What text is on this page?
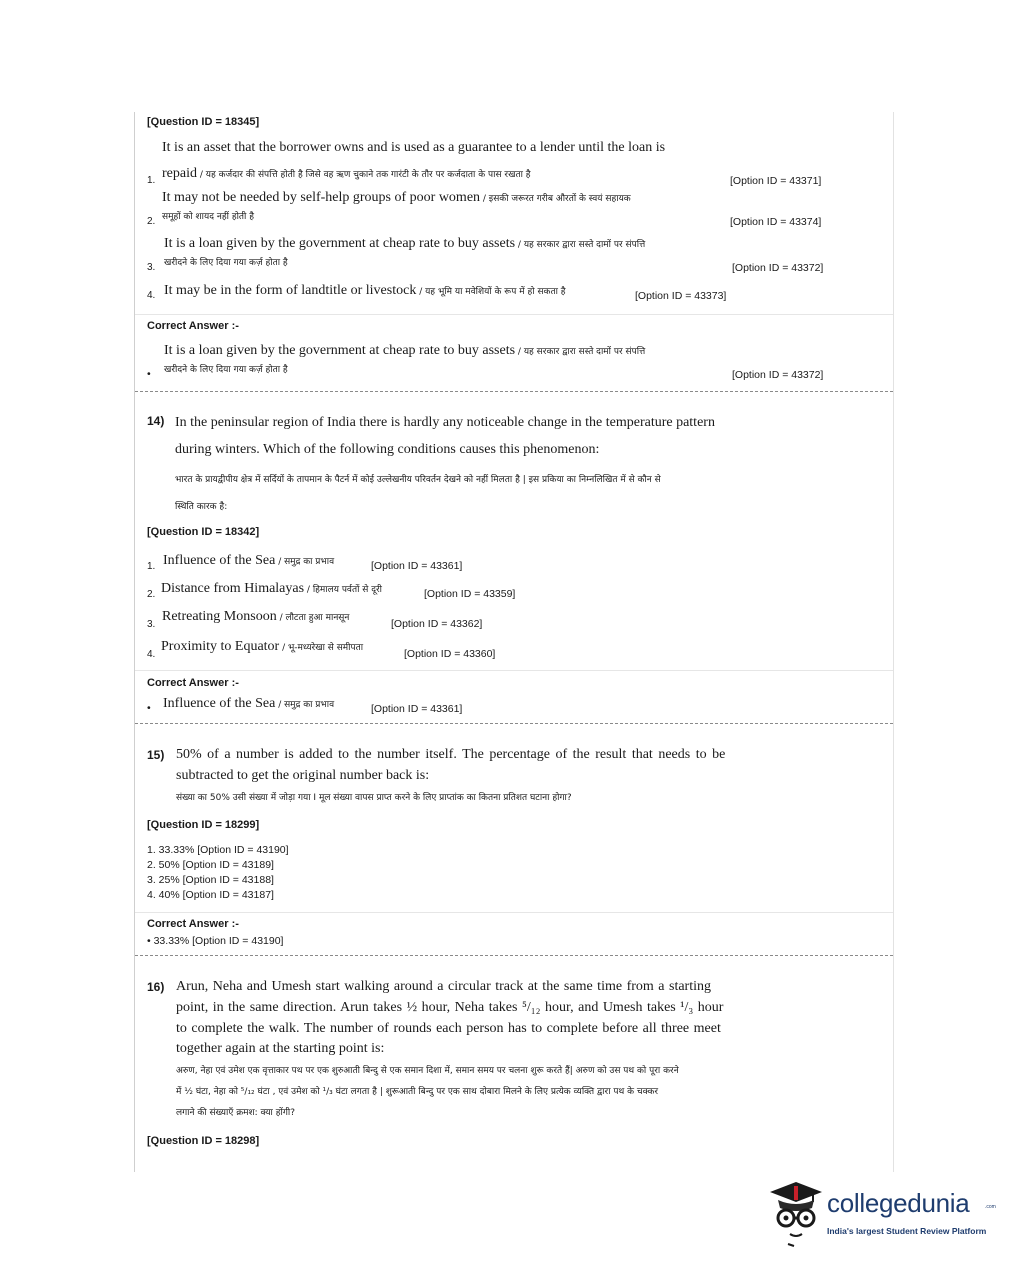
[Question ID = 18345]
It is an asset that the borrower owns and is used as a guarantee to a lender until the loan is
repaid / यह कर्जदार की संपत्ति होती है जिसे वह ऋण चुकाने तक गारंटी के तौर पर कर्जदाता के पास रखता है
1.	[Option ID = 43371]
It may not be needed by self-help groups of poor women / इसकी जरूरत गरीब औरतों के स्वयं सहायक
समूहों को शायद नहीं होती है
2.	[Option ID = 43374]
It is a loan given by the government at cheap rate to buy assets / यह सरकार द्वारा सस्ते दामों पर संपत्ति
खरीदने के लिए दिया गया कर्ज़ होता है
3.	[Option ID = 43372]
It may be in the form of landtitle or livestock / यह भूमि या मवेशियों के रूप में हो सकता है
4.	[Option ID = 43373]
Correct Answer :-
It is a loan given by the government at cheap rate to buy assets / यह सरकार द्वारा सस्ते दामों पर संपत्ति
खरीदने के लिए दिया गया कर्ज़ होता है
•	[Option ID = 43372]
14) In the peninsular region of India there is hardly any noticeable change in the temperature pattern
during winters. Which of the following conditions causes this phenomenon:
भारत के प्रायद्वीपीय क्षेत्र में सर्दियों के तापमान के पैटर्न में कोई उल्लेखनीय परिवर्तन देखने को नहीं मिलता है | इस प्रकिया का निम्नलिखित में से कौन से
स्थिति कारक है:
[Question ID = 18342]
1. Influence of the Sea / समुद्र का प्रभाव	[Option ID = 43361]
2. Distance from Himalayas / हिमालय पर्वतों से दूरी	[Option ID = 43359]
3.
Retreating Monsoon / लौटता हुआ मानसून	[Option ID = 43362]
4.
Proximity to Equator / भू-मध्यरेखा से समीपता	[Option ID = 43360]
Correct Answer :-
• Influence of the Sea / समुद्र का प्रभाव	[Option ID = 43361]
15) 50% of a number is added to the number itself. The percentage of the result that needs to be
subtracted to get the original number back is:
संख्या का 50% उसी संख्या में जोड़ा गया I मूल संख्या वापस प्राप्त करने के लिए प्राप्तांक का कितना प्रतिशत घटाना होगा?
[Question ID = 18299]
1. 33.33% [Option ID = 43190]
2. 50% [Option ID = 43189]
3. 25% [Option ID = 43188]
4. 40% [Option ID = 43187]
Correct Answer :-
• 33.33% [Option ID = 43190]
16) Arun, Neha and Umesh start walking around a circular track at the same time from a starting
point, in the same direction. Arun takes ½ hour, Neha takes ⁵/₁₂ hour, and Umesh takes ¹/₃ hour
to complete the walk. The number of rounds each person has to complete before all three meet
together again at the starting point is:
अरुण, नेहा एवं उमेश एक वृत्ताकार पथ पर एक शुरुआती बिन्दु से एक समान दिशा में, समान समय पर चलना शुरू करते हैं| अरुण को उस पथ को पूरा करने
में ½ घंटा, नेहा को ⁵/₁₂ घंटा , एवं उमेश को ¹/₃ घंटा लगता है | शुरूआती बिन्दु पर एक साथ दोबारा मिलने के लिए प्रत्येक व्यक्ति द्वारा पथ के चक्कर
लगाने की संख्याएँ क्रमश: क्या होंगी?
[Question ID = 18298]
collegedunia	.com
India's largest Student Review Platform
